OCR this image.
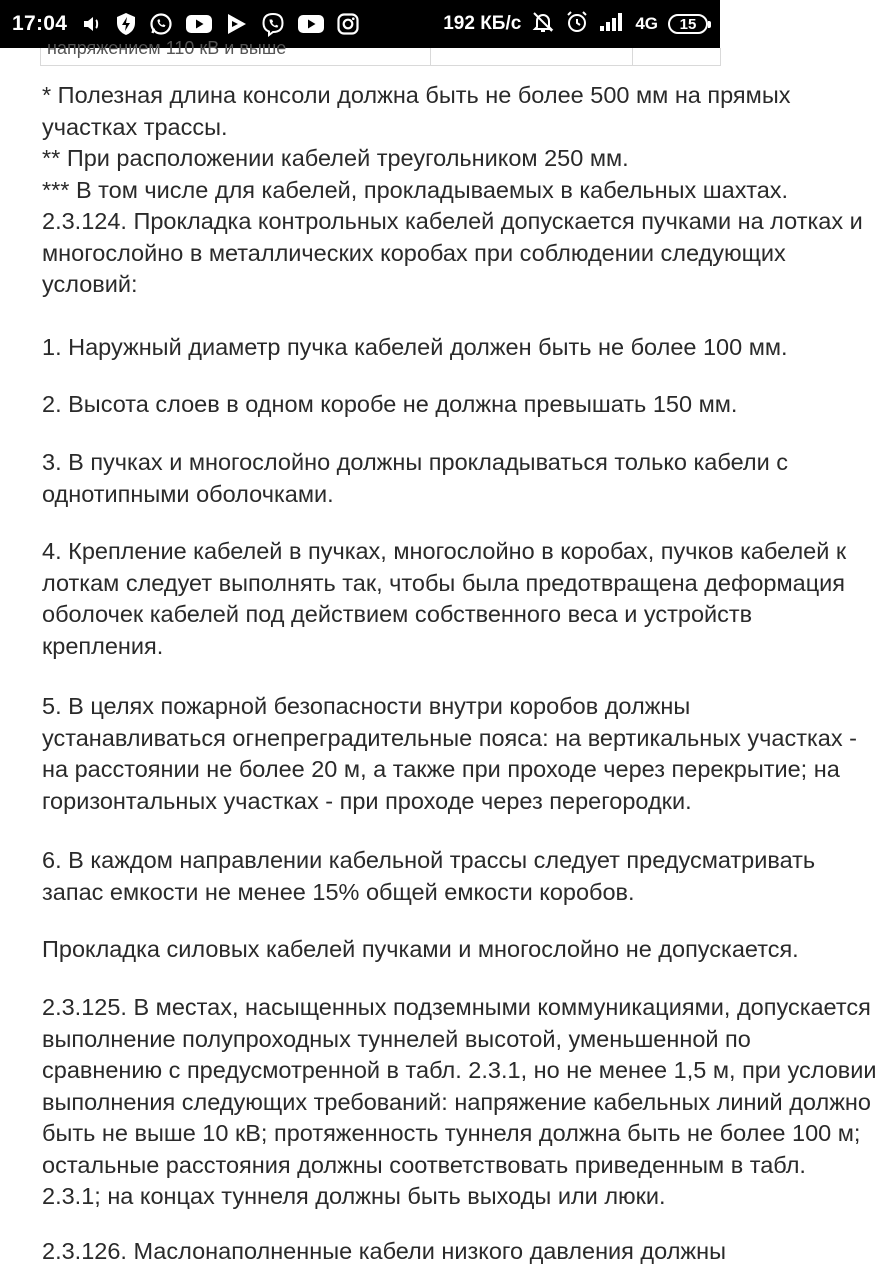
17:04	192 КБ/с	4G 15
напряжением 110 кВ и выше
* Полезная длина консоли должна быть не более 500 мм на прямых
участках трассы.
** При расположении кабелей треугольником 250 мм.
*** В том числе для кабелей, прокладываемых в кабельных шахтах.
2.3.124. Прокладка контрольных кабелей допускается пучками на лотках и
многослойно в металлических коробах при соблюдении следующих
условий:
1. Наружный диаметр пучка кабелей должен быть не более 100 мм.
2. Высота слоев в одном коробе не должна превышать 150 мм.
3. В пучках и многослойно должны прокладываться только кабели с
однотипными оболочками.
4. Крепление кабелей в пучках, многослойно в коробах, пучков кабелей к
лоткам следует выполнять так, чтобы была предотвращена деформация
оболочек кабелей под действием собственного веса и устройств
крепления.
5. В целях пожарной безопасности внутри коробов должны
устанавливаться огнепреградительные пояса: на вертикальных участках -
на расстоянии не более 20 м, а также при проходе через перекрытие; на
горизонтальных участках - при проходе через перегородки.
6. В каждом направлении кабельной трассы следует предусматривать
запас емкости не менее 15% общей емкости коробов.
Прокладка силовых кабелей пучками и многослойно не допускается.
2.3.125. В местах, насыщенных подземными коммуникациями, допускается
выполнение полупроходных туннелей высотой, уменьшенной по
сравнению с предусмотренной в табл. 2.3.1, но не менее 1,5 м, при условии
выполнения следующих требований: напряжение кабельных линий должно
быть не выше 10 кВ; протяженность туннеля должна быть не более 100 м;
остальные расстояния должны соответствовать приведенным в табл.
2.3.1; на концах туннеля должны быть выходы или люки.
2.3.126. Маслонаполненные кабели низкого давления должны
